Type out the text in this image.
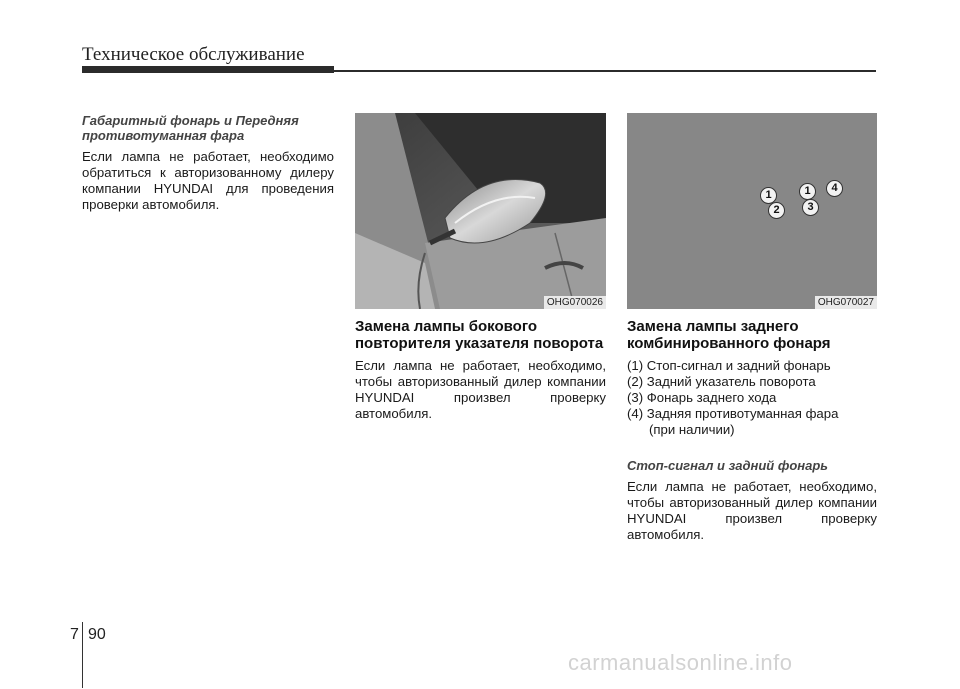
Техническое обслуживание
Габаритный фонарь и Передняя противотуманная фара
Если лампа не работает, необходимо обратиться к авторизованному дилеру компании HYUNDAI для проведения проверки автомобиля.
OHG070026
Замена лампы бокового повторителя указателя поворота
Если лампа не работает, необходимо, чтобы авторизованный дилер компании HYUNDAI произвел проверку автомобиля.
1	1	4
2	3
OHG070027
Замена лампы заднего комбинированного фонаря
(1) Стоп-сигнал и задний фонарь
(2) Задний указатель поворота
(3) Фонарь заднего хода
(4) Задняя противотуманная фара
(при наличии)
Стоп-сигнал и задний фонарь
Если лампа не работает, необходимо, чтобы авторизованный дилер компании HYUNDAI произвел проверку автомобиля.
7 90
carmanualsonline.info
